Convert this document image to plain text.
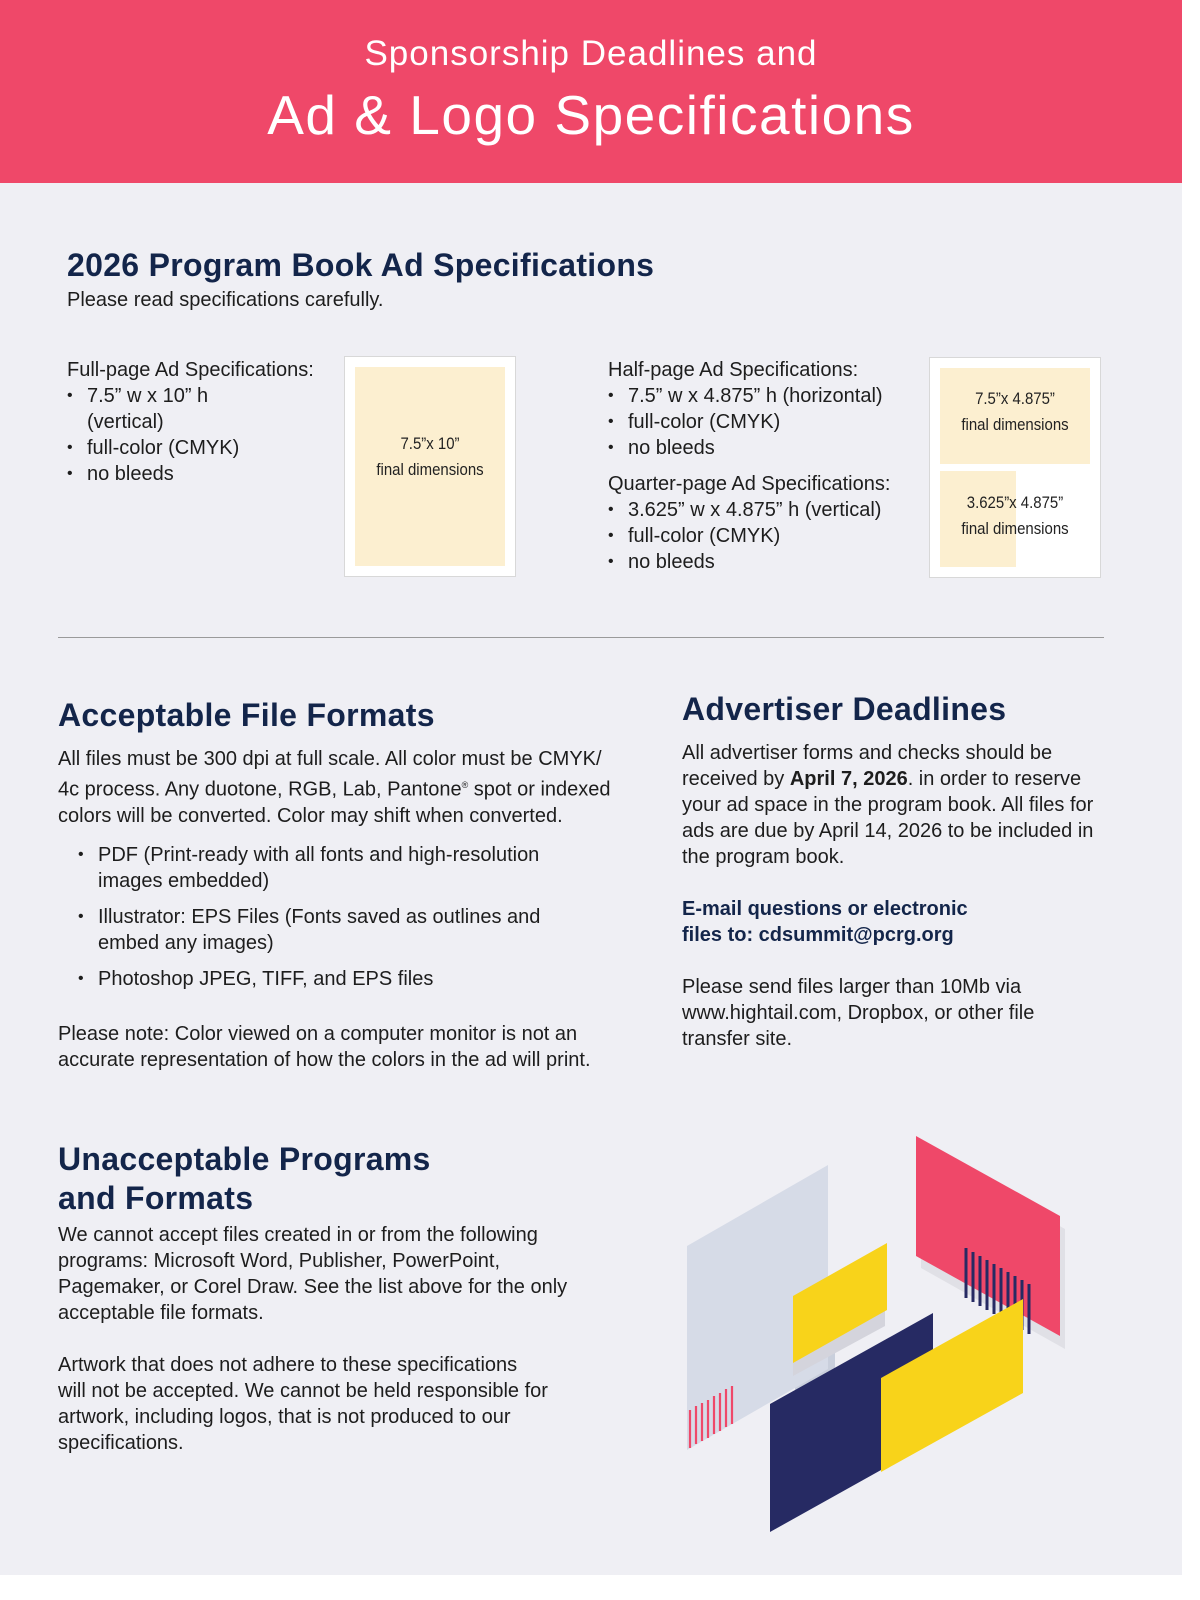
Sponsorship Deadlines and
Ad & Logo Specifications
2026 Program Book Ad Specifications
Please read specifications carefully.
Full-page Ad Specifications:
• 7.5” w x 10” h
(vertical)
• full-color (CMYK)
• no bleeds
7.5”x 10”
final dimensions
Half-page Ad Specifications:
• 7.5” w x 4.875” h (horizontal)
• full-color (CMYK)
• no bleeds
Quarter-page Ad Specifications:
• 3.625” w x 4.875” h (vertical)
• full-color (CMYK)
• no bleeds
7.5”x 4.875”
final dimensions
3.625”x 4.875”
final dimensions
Acceptable File Formats
All files must be 300 dpi at full scale. All color must be CMYK/ 4c process. Any duotone, RGB, Lab, Pantone® spot or indexed colors will be converted. Color may shift when converted.
• PDF (Print-ready with all fonts and high-resolution images embedded)
• Illustrator: EPS Files (Fonts saved as outlines and embed any images)
• Photoshop JPEG, TIFF, and EPS files
Please note: Color viewed on a computer monitor is not an accurate representation of how the colors in the ad will print.
Advertiser Deadlines
All advertiser forms and checks should be received by April 7, 2026. in order to reserve your ad space in the program book. All files for ads are due by April 14, 2026 to be included in the program book.
E-mail questions or electronic
files to: cdsummit@pcrg.org
Please send files larger than 10Mb via www.hightail.com, Dropbox, or other file transfer site.
Unacceptable Programs
and Formats
We cannot accept files created in or from the following programs: Microsoft Word, Publisher, PowerPoint, Pagemaker, or Corel Draw. See the list above for the only acceptable file formats.
Artwork that does not adhere to these specifications will not be accepted. We cannot be held responsible for artwork, including logos, that is not produced to our specifications.
